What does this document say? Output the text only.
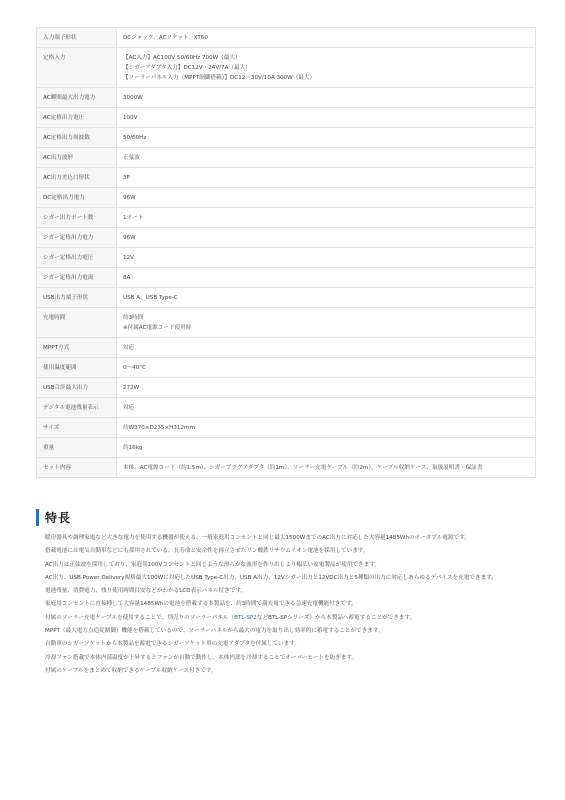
入力端子形状	DCジャック、ACソケット、XT60
定格入力	【AC入力】AC100V 50/60Hz 700W（最大）
【シガーアダプタ入力】DC12V・24V/7A（最大）
【ソーラーパネル入力（MPPT制御搭載）】DC12～30V/10A 300W（最大）
AC瞬間最大出力電力	3000W
AC定格出力電圧	100V
AC定格出力周波数	50/60Hz
AC出力波形	正弦波
AC出力差込口形状	3P
DC定格出力電力	96W
シガー出力ポート数	1ポート
シガー定格出力電力	96W
シガー定格出力電圧	12V
シガー定格出力電流	8A
USB出力端子形状	USB A、USB Type-C
充電時間	約3時間
※付属AC電源コード使用時
MPPT方式	対応
使用温度範囲	0～40°C
USB合計最大出力	272W
デジタル電池残量表示	対応
サイズ	約W370×D235×H312mm
重量	約16kg
セット内容	本体、AC電源コード（約1.5m）、シガープラグアダプタ（約1m）、ソーラー充電ケーブル（約2m）、ケーブル収納ケース、取扱説明書・保証書
特長
暖房器具や調理家電など大きな電力を使用する機器が使える、一般家庭用コンセントと同じ最大1500WまでのAC出力に対応した大容量1485Whのポータブル電源です。
搭載電池には電気自動車などにも採用されている、長寿命と安全性を両立させたリン酸鉄リチウムイオン電池を採用しています。
AC出力は正弦波を採用しており、家庭用100Vコンセントと同じような滑らかな波形を作り出しより幅広い家電製品が使用できます。
AC出力、USB Power Delivery規格最大100Wに対応したUSB Type-C出力、USB A出力、12Vシガー出力と12VDC出力と5種類の出力に対応しあらゆるデバイスを充電できます。
電池残量、消費電力、残り使用時間目安などがわかるLCD表示パネル付きです。
家庭用コンセントに直接挿して大容量1485Whの電池を搭載する本製品を、約3時間で満充電できる急速充電機能付きです。
付属のソーラー充電ケーブルを使用することで、別売りのソーラーパネル（BTL-SP2などBTL-SPシリーズ）から本製品へ蓄電することができます。
MPPT（最大電力点追従制御）機能を搭載しているので、ソーラーパネルから最大の電力を取り出し効率的に蓄電することができます。
自動車のシガーソケットから本製品を蓄電できるシガーソケット用の充電アダプタを付属しています。
冷却ファン搭載で本体内部温度が上昇するとファンが自動で動作し、本体内部を冷却することでオーバーヒートを防ぎます。
付属のケーブルをまとめて収納できるケーブル収納ケース付きです。
